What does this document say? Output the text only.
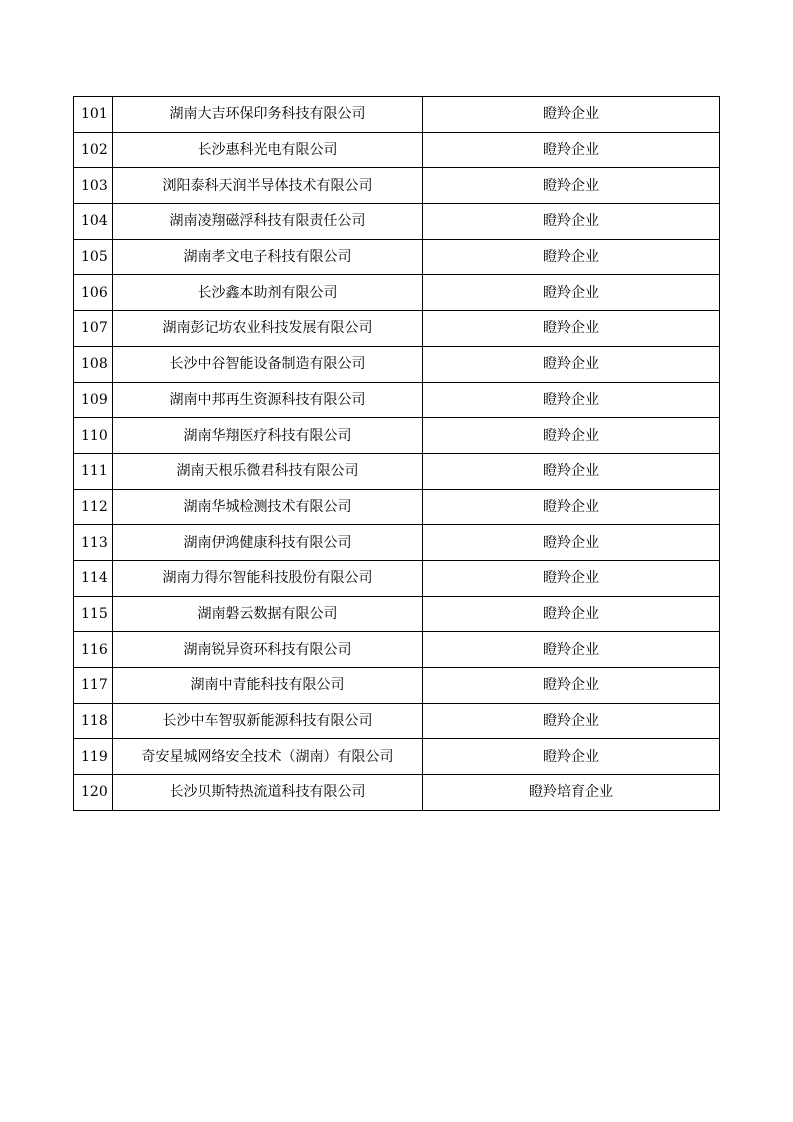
101	湖南大吉环保印务科技有限公司	瞪羚企业
102	长沙惠科光电有限公司	瞪羚企业
103	浏阳泰科天润半导体技术有限公司	瞪羚企业
104	湖南凌翔磁浮科技有限责任公司	瞪羚企业
105	湖南孝文电子科技有限公司	瞪羚企业
106	长沙鑫本助剂有限公司	瞪羚企业
107	湖南彭记坊农业科技发展有限公司	瞪羚企业
108	长沙中谷智能设备制造有限公司	瞪羚企业
109	湖南中邦再生资源科技有限公司	瞪羚企业
110	湖南华翔医疗科技有限公司	瞪羚企业
111	湖南天根乐微君科技有限公司	瞪羚企业
112	湖南华城检测技术有限公司	瞪羚企业
113	湖南伊鸿健康科技有限公司	瞪羚企业
114	湖南力得尔智能科技股份有限公司	瞪羚企业
115	湖南磐云数据有限公司	瞪羚企业
116	湖南锐异资环科技有限公司	瞪羚企业
117	湖南中青能科技有限公司	瞪羚企业
118	长沙中车智驭新能源科技有限公司	瞪羚企业
119	奇安星城网络安全技术（湖南）有限公司	瞪羚企业
120	长沙贝斯特热流道科技有限公司	瞪羚培育企业
